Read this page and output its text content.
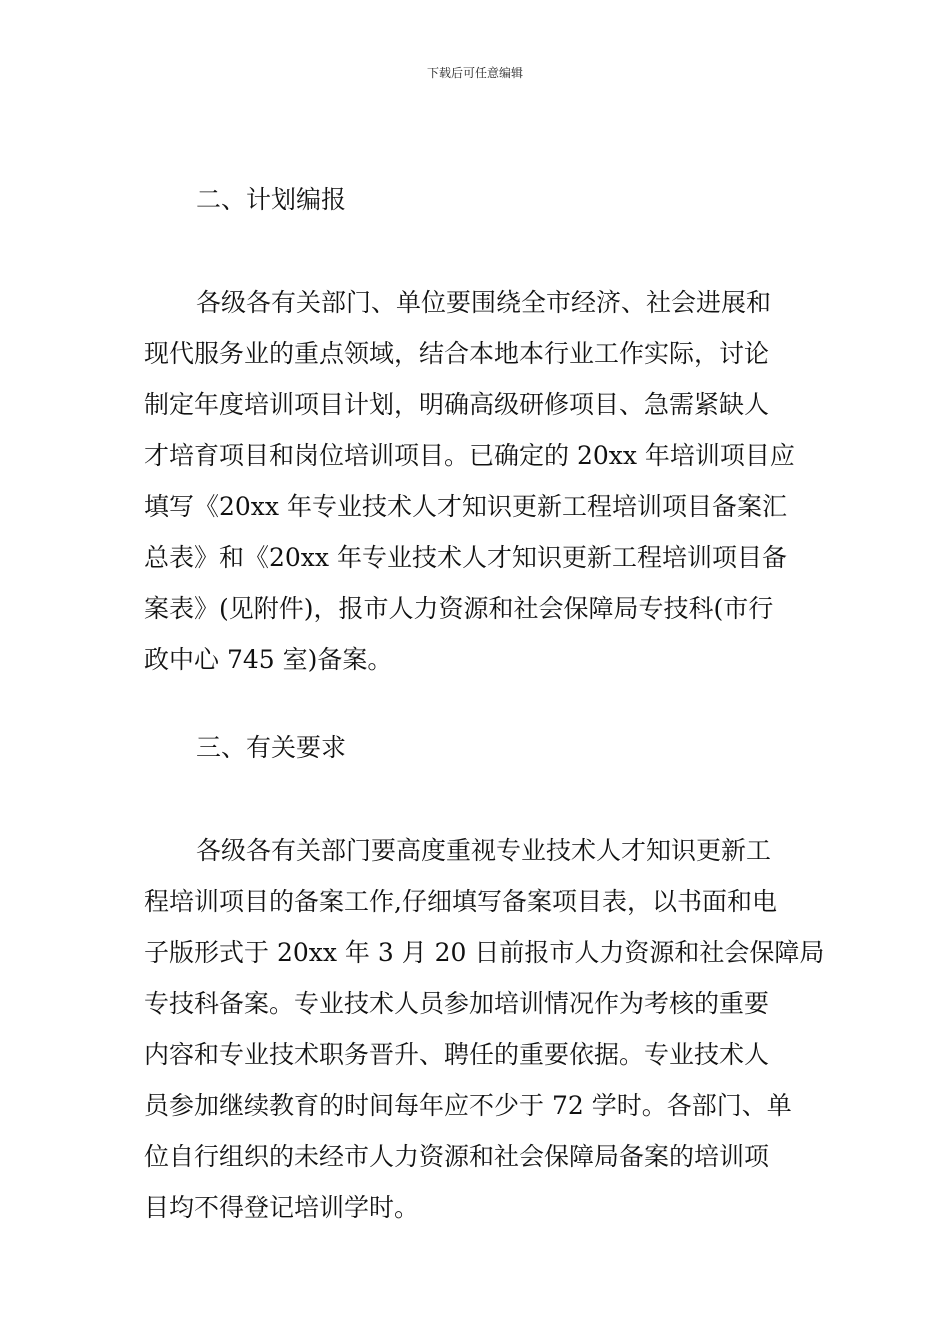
下载后可任意编辑
二、计划编报
各级各有关部门、单位要围绕全市经济、社会进展和
现代服务业的重点领域，结合本地本行业工作实际，讨论
制定年度培训项目计划，明确高级研修项目、急需紧缺人
才培育项目和岗位培训项目。已确定的 20xx 年培训项目应
填写《20xx 年专业技术人才知识更新工程培训项目备案汇
总表》和《20xx 年专业技术人才知识更新工程培训项目备
案表》(见附件)，报市人力资源和社会保障局专技科(市行
政中心 745 室)备案。
三、有关要求
各级各有关部门要高度重视专业技术人才知识更新工
程培训项目的备案工作,仔细填写备案项目表，以书面和电
子版形式于 20xx 年 3 月 20 日前报市人力资源和社会保障局
专技科备案。专业技术人员参加培训情况作为考核的重要
内容和专业技术职务晋升、聘任的重要依据。专业技术人
员参加继续教育的时间每年应不少于 72 学时。各部门、单
位自行组织的未经市人力资源和社会保障局备案的培训项
目均不得登记培训学时。
